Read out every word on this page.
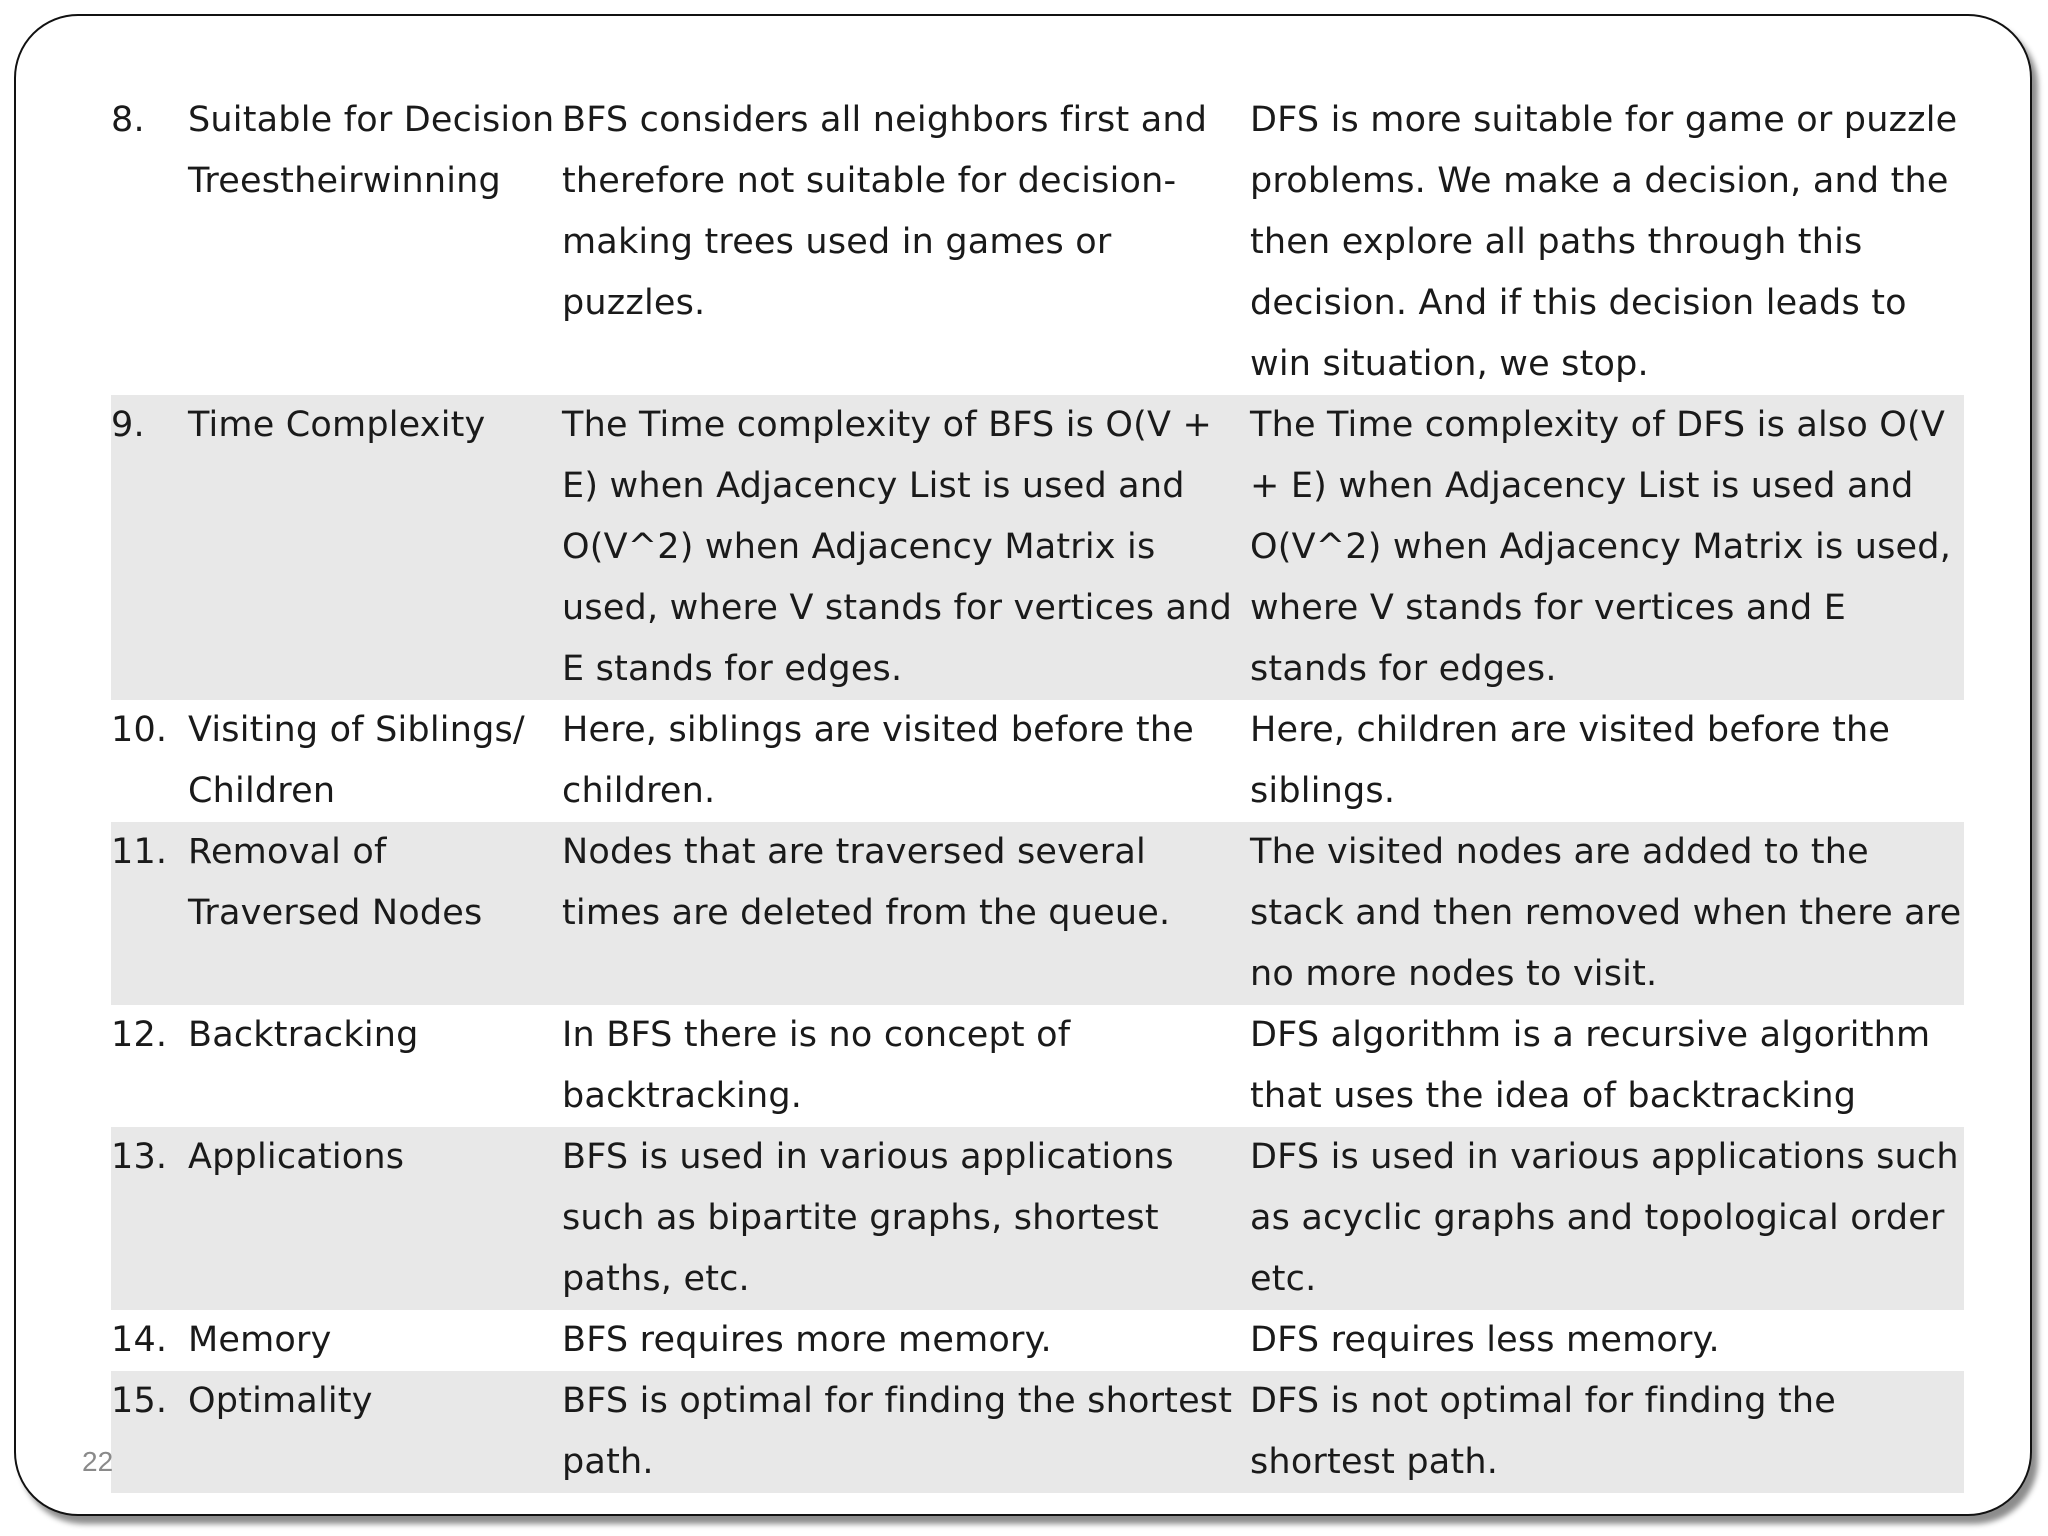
8.	Suitable for Decision Treestheirwinning	BFS considers all neighbors first and therefore not suitable for decision-making trees used in games or puzzles.	DFS is more suitable for game or puzzle problems. We make a decision, and the then explore all paths through this decision. And if this decision leads to win situation, we stop.
9.	Time Complexity	The Time complexity of BFS is O(V + E) when Adjacency List is used and O(V^2) when Adjacency Matrix is used, where V stands for vertices and E stands for edges.	The Time complexity of DFS is also O(V + E) when Adjacency List is used and O(V^2) when Adjacency Matrix is used, where V stands for vertices and E stands for edges.
10.	Visiting of Siblings/ Children	Here, siblings are visited before the children.	Here, children are visited before the siblings.
11.	Removal of Traversed Nodes	Nodes that are traversed several times are deleted from the queue.	The visited nodes are added to the stack and then removed when there are no more nodes to visit.
12.	Backtracking	In BFS there is no concept of backtracking.	DFS algorithm is a recursive algorithm that uses the idea of backtracking
13.	Applications	BFS is used in various applications such as bipartite graphs, shortest paths, etc.	DFS is used in various applications such as acyclic graphs and topological order etc.
14.	Memory	BFS requires more memory.	DFS requires less memory.
15.	Optimality	BFS is optimal for finding the shortest path.	DFS is not optimal for finding the shortest path.
22
